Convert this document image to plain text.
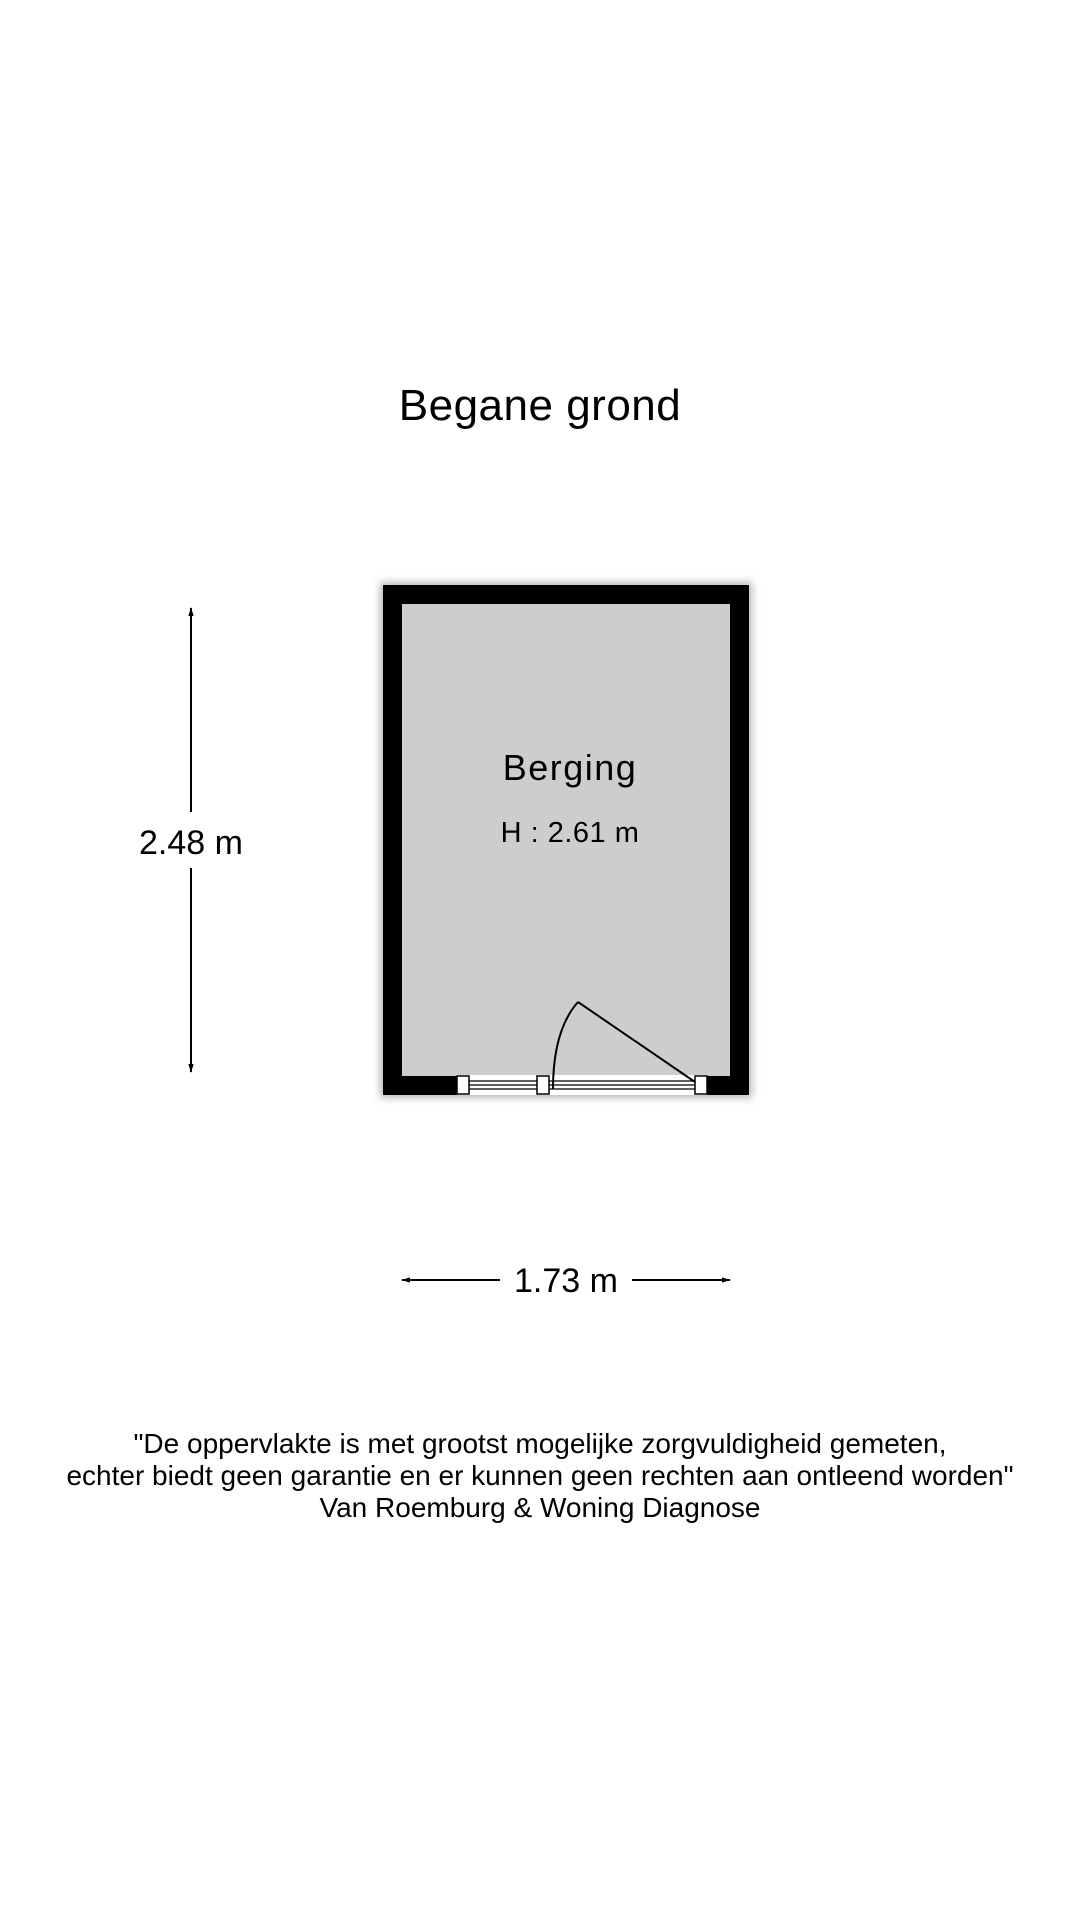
Begane grond
Berging
H : 2.61 m
2.48 m
1.73 m
"De oppervlakte is met grootst mogelijke zorgvuldigheid gemeten,
echter biedt geen garantie en er kunnen geen rechten aan ontleend worden"
Van Roemburg & Woning Diagnose
